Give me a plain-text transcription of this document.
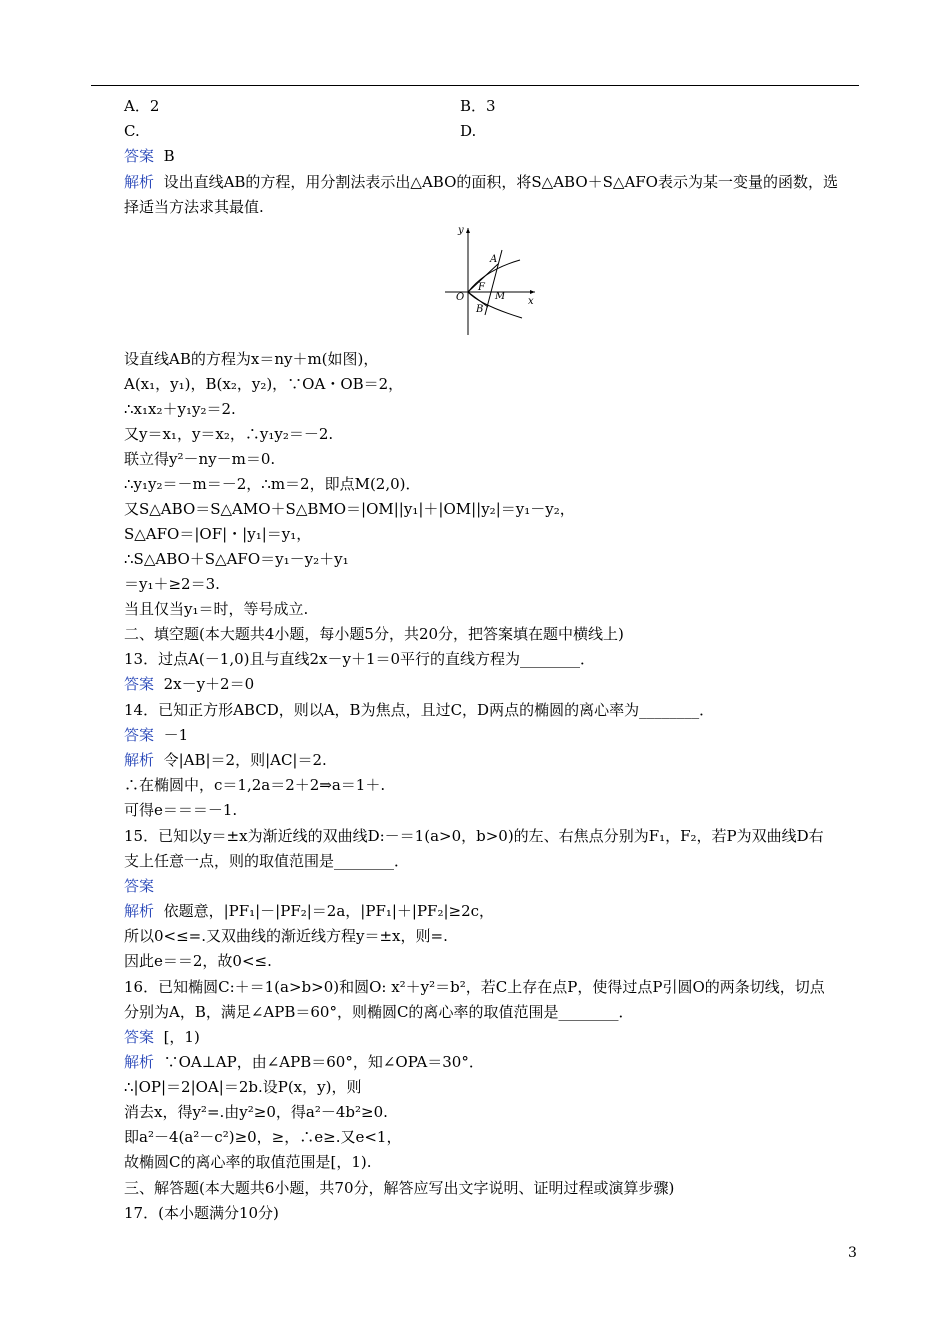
A．2	B．3
C.	D.
答案 B
解析 设出直线AB的方程，用分割法表示出△ABO的面积，将S△ABO＋S△AFO表示为某一变量的函数，选
择适当方法求其最值.
y
x
O
A
F
M
B
设直线AB的方程为x＝ny＋m(如图)，
A(x₁，y₁)，B(x₂，y₂)，∵OA・OB＝2，
∴x₁x₂＋y₁y₂＝2.
又y＝x₁，y＝x₂，∴y₁y₂＝－2.
联立得y²－ny－m＝0.
∴y₁y₂＝－m＝－2，∴m＝2，即点M(2,0)．
又S△ABO＝S△AMO＋S△BMO＝|OM||y₁|＋|OM||y₂|＝y₁－y₂，
S△AFO＝|OF|・|y₁|＝y₁，
∴S△ABO＋S△AFO＝y₁－y₂＋y₁
＝y₁＋≥2＝3.
当且仅当y₁＝时，等号成立.
二、填空题(本大题共4小题，每小题5分，共20分，把答案填在题中横线上)
13．过点A(－1,0)且与直线2x－y＋1＝0平行的直线方程为________．
答案 2x－y＋2＝0
14．已知正方形ABCD，则以A，B为焦点，且过C，D两点的椭圆的离心率为________．
答案 －1
解析 令|AB|＝2，则|AC|＝2.
∴在椭圆中，c＝1,2a＝2＋2⇒a＝1＋.
可得e＝＝＝－1.
15．已知以y＝±x为渐近线的双曲线D:－＝1(a>0，b>0)的左、右焦点分别为F₁，F₂，若P为双曲线D右
支上任意一点，则的取值范围是________．
答案
解析 依题意，|PF₁|－|PF₂|＝2a，|PF₁|＋|PF₂|≥2c，
所以0<≤=.又双曲线的渐近线方程y＝±x，则=.
因此e＝＝2，故0<≤.
16．已知椭圆C:＋＝1(a>b>0)和圆O: x²＋y²＝b²，若C上存在点P，使得过点P引圆O的两条切线，切点
分别为A，B，满足∠APB＝60°，则椭圆C的离心率的取值范围是________．
答案 [，1)
解析 ∵OA⊥AP，由∠APB＝60°，知∠OPA＝30°．
∴|OP|＝2|OA|＝2b.设P(x，y)，则
消去x，得y²=.由y²≥0，得a²－4b²≥0.
即a²－4(a²－c²)≥0，≥，∴e≥.又e<1，
故椭圆C的离心率的取值范围是[，1).
三、解答题(本大题共6小题，共70分，解答应写出文字说明、证明过程或演算步骤)
17．(本小题满分10分)
3
